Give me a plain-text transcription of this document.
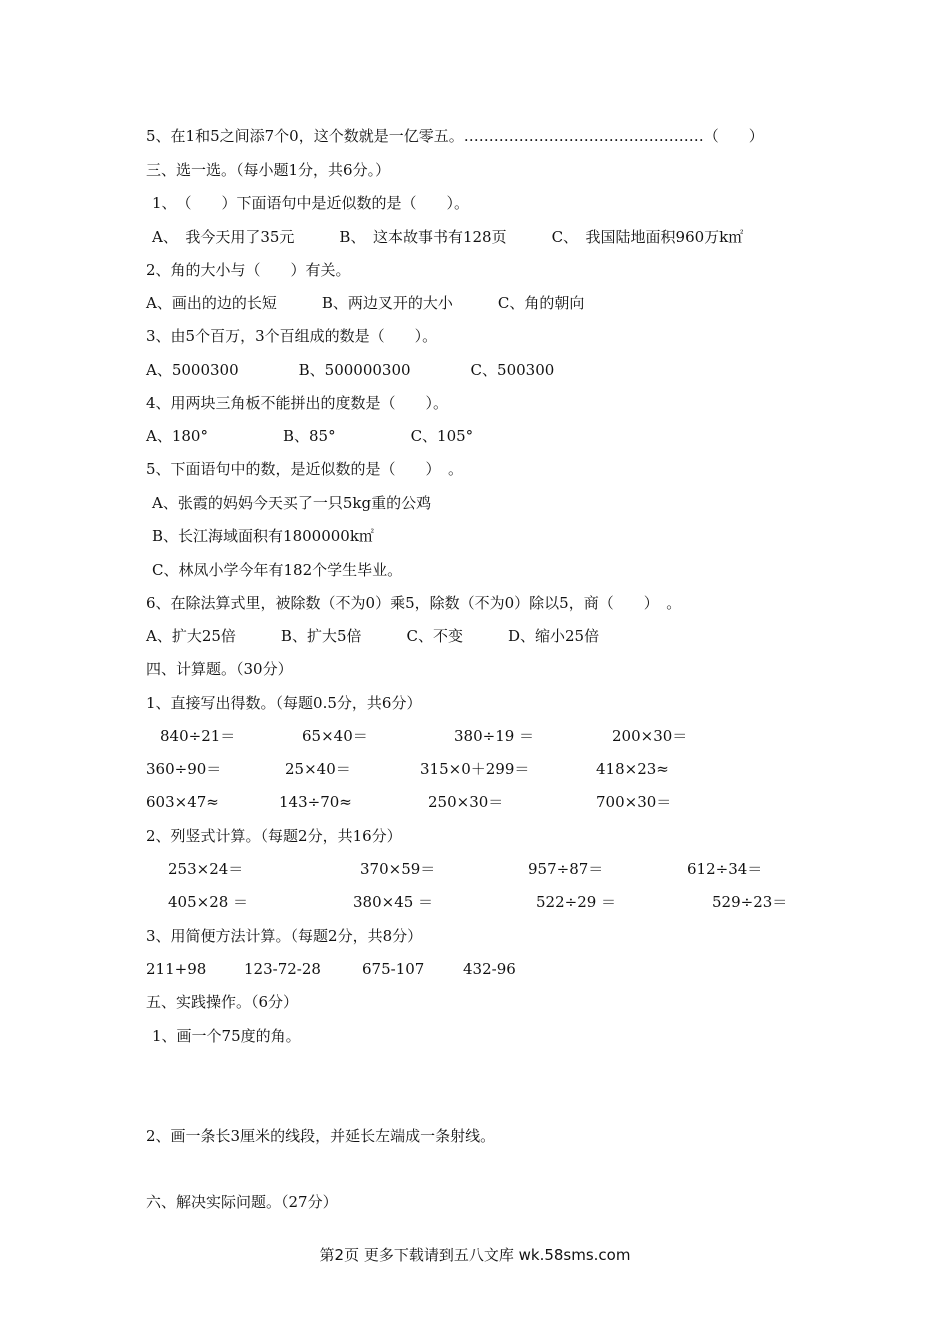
5、在1和5之间添7个0，这个数就是一亿零五。…………………………………………（　　）
三、选一选。（每小题1分，共6分。）
1、　（　　）下面语句中是近似数的是（　　）。
A、　我今天用了35元　　　B、　这本故事书有128页　　　C、　我国陆地面积960万k㎡
2、角的大小与（　　）有关。
A、画出的边的长短　　　B、两边叉开的大小　　　C、角的朝向
3、由5个百万，3个百组成的数是（　　）。
A、5000300　　　　B、500000300　　　　C、500300
4、用两块三角板不能拼出的度数是（　　）。
A、180°　　　　　B、85°　　　　　C、105°
5、下面语句中的数，是近似数的是（　　）　。
A、张霞的妈妈今天买了一只5kg重的公鸡
B、长江海域面积有1800000k㎡
C、林凤小学今年有182个学生毕业。
6、在除法算式里，被除数（不为0）乘5，除数（不为0）除以5，商（　　）　。
A、扩大25倍　　　B、扩大5倍　　　C、不变　　　D、缩小25倍
四、计算题。（30分）
1、直接写出得数。（每题0.5分，共6分）
840÷21＝	65×40＝	380÷19 ＝	200×30＝
360÷90＝	25×40＝	315×0＋299＝	418×23≈
603×47≈	143÷70≈	250×30＝	700×30＝
2、列竖式计算。（每题2分，共16分）
253×24＝	370×59＝	957÷87＝	612÷34＝
405×28 ＝	380×45 ＝	522÷29 ＝	529÷23＝
3、用简便方法计算。（每题2分，共8分）
211+98	123-72-28	675-107	432-96
五、实践操作。（6分）
1、画一个75度的角。
2、画一条长3厘米的线段，并延长左端成一条射线。
六、解决实际问题。（27分）
第2页 更多下载请到五八文库 wk.58sms.com
